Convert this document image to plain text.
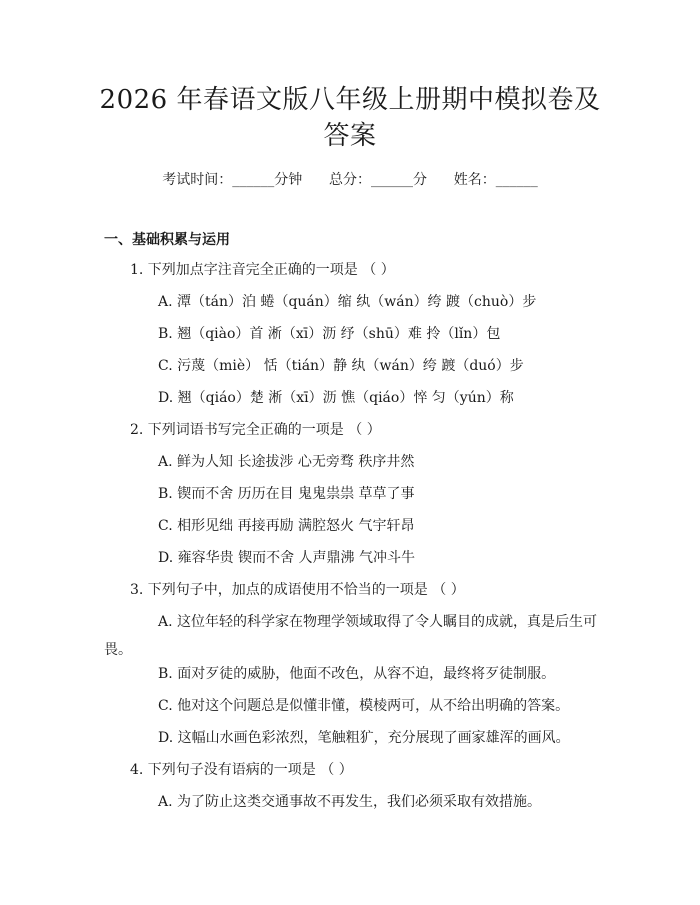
2026 年春语文版八年级上册期中模拟卷及答案
考试时间：______分钟 总分：______分 姓名：______
一、基础积累与运用
1. 下列加点字注音完全正确的一项是 （ ）
A. 潭（tán）泊 蜷（quán）缩 纨（wán）绔 踱（chuò）步
B. 翘（qiào）首 淅（xī）沥 纾（shū）难 拎（lǐn）包
C. 污蔑（miè） 恬（tián）静 纨（wán）绔 踱（duó）步
D. 翘（qiáo）楚 淅（xī）沥 憔（qiáo）悴 匀（yún）称
2. 下列词语书写完全正确的一项是 （ ）
A. 鲜为人知 长途拔涉 心无旁骛 秩序井然
B. 锲而不舍 历历在目 鬼鬼祟祟 草草了事
C. 相形见绌 再接再励 满腔怒火 气宇轩昂
D. 雍容华贵 锲而不舍 人声鼎沸 气冲斗牛
3. 下列句子中，加点的成语使用不恰当的一项是 （ ）
A. 这位年轻的科学家在物理学领域取得了令人瞩目的成就，真是后生可畏。
B. 面对歹徒的威胁，他面不改色，从容不迫，最终将歹徒制服。
C. 他对这个问题总是似懂非懂，模棱两可，从不给出明确的答案。
D. 这幅山水画色彩浓烈，笔触粗犷，充分展现了画家雄浑的画风。
4. 下列句子没有语病的一项是 （ ）
A. 为了防止这类交通事故不再发生，我们必须采取有效措施。
